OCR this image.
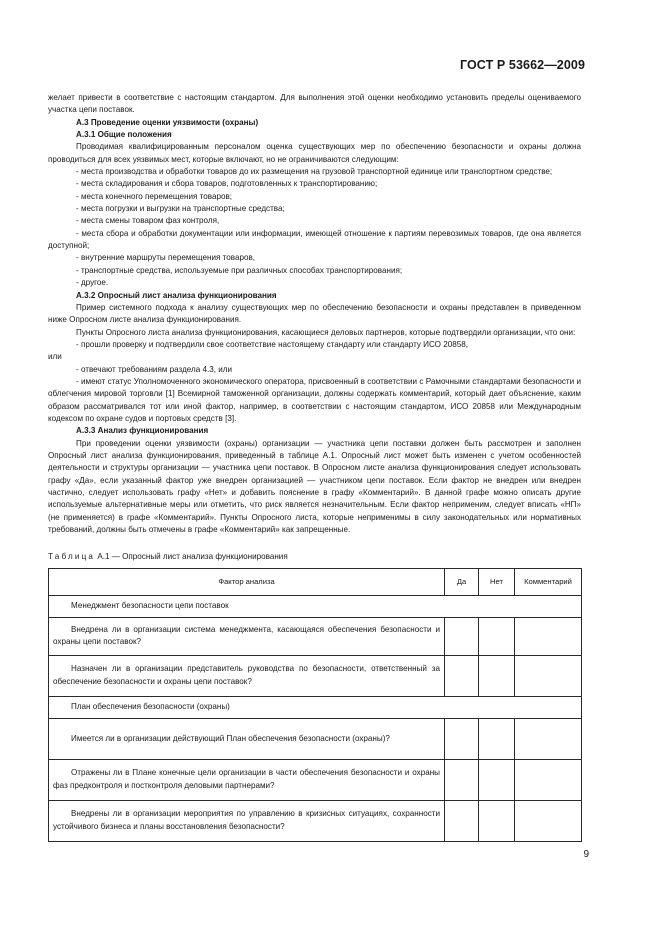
ГОСТ Р 53662—2009

желает привести в соответствие с настоящим стандартом. Для выполнения этой оценки необходимо установить пределы оцениваемого участка цепи поставок.

А.3 Проведение оценки уязвимости (охраны)

А.3.1 Общие положения

Проводимая квалифицированным персоналом оценка существующих мер по обеспечению безопасности и охраны должна проводиться для всех уязвимых мест, которые включают, но не ограничиваются следующим:

- места производства и обработки товаров до их размещения на грузовой транспортной единице или транспортном средстве;

- места складирования и сбора товаров, подготовленных к транспортированию;

- места конечного перемещения товаров;

- места погрузки и выгрузки на транспортные средства;

- места смены товаром фаз контроля,

- места сбора и обработки документации или информации, имеющей отношение к партиям перевозимых товаров, где она является доступной;

- внутренние маршруты перемещения товаров,

- транспортные средства, используемые при различных способах транспортирования;

- другое.

А.3.2 Опросный лист анализа функционирования

Пример системного подхода к анализу существующих мер по обеспечению безопасности и охраны представлен в приведенном ниже Опросном листе анализа функционирования.

Пункты Опросного листа анализа функционирования, касающиеся деловых партнеров, которые подтвердили организации, что они:

- прошли проверку и подтвердили свое соответствие настоящему стандарту или стандарту ИСО 20858,

или

- отвечают требованиям раздела 4.3, или

- имеют статус Уполномоченного экономического оператора, присвоенный в соответствии с Рамочными стандартами безопасности и облегчения мировой торговли [1] Всемирной таможенной организации, должны содержать комментарий, который дает объяснение, каким образом рассматривался тот или иной фактор, например, в соответствии с настоящим стандартом, ИСО 20858 или Международным кодексом по охране судов и портовых средств [3].

А.3.3 Анализ функционирования

При проведении оценки уязвимости (охраны) организации — участника цепи поставки должен быть рассмотрен и заполнен Опросный лист анализа функционирования, приведенный в таблице А.1. Опросный лист может быть изменен с учетом особенностей деятельности и структуры организации — участника цепи поставок. В Опросном листе анализа функционирования следует использовать графу «Да», если указанный фактор уже внедрен организацией — участником цепи поставок. Если фактор не внедрен или внедрен частично, следует использовать графу «Нет» и добавить пояснение в графу «Комментарий». В данной графе можно описать другие используемые альтернативные меры или отметить, что риск является незначительным. Если фактор неприменим, следует вписать «НП» (не применяется) в графе «Комментарий». Пункты Опросного листа, которые неприменимы в силу законодательных или нормативных требований, должны быть отмечены в графе «Комментарий» как запрещенные.

Таблица А.1 — Опросный лист анализа функционирования

Фактор анализа	Да	Нет	Комментарий
Менеджмент безопасности цепи поставок			
Внедрена ли в организации система менеджмента, касающаяся обеспечения безопасности и охраны цепи поставок?			
Назначен ли в организации представитель руководства по безопасности, ответственный за обеспечение безопасности и охраны цепи поставок?			
План обеспечения безопасности (охраны)			
Имеется ли в организации действующий План обеспечения безопасности (охраны)?			
Отражены ли в Плане конечные цели организации в части обеспечения безопасности и охраны фаз предконтроля и постконтроля деловыми партнерами?			
Внедрены ли в организации мероприятия по управлению в кризисных ситуациях, сохранности устойчивого бизнеса и планы восстановления безопасности?			
9
